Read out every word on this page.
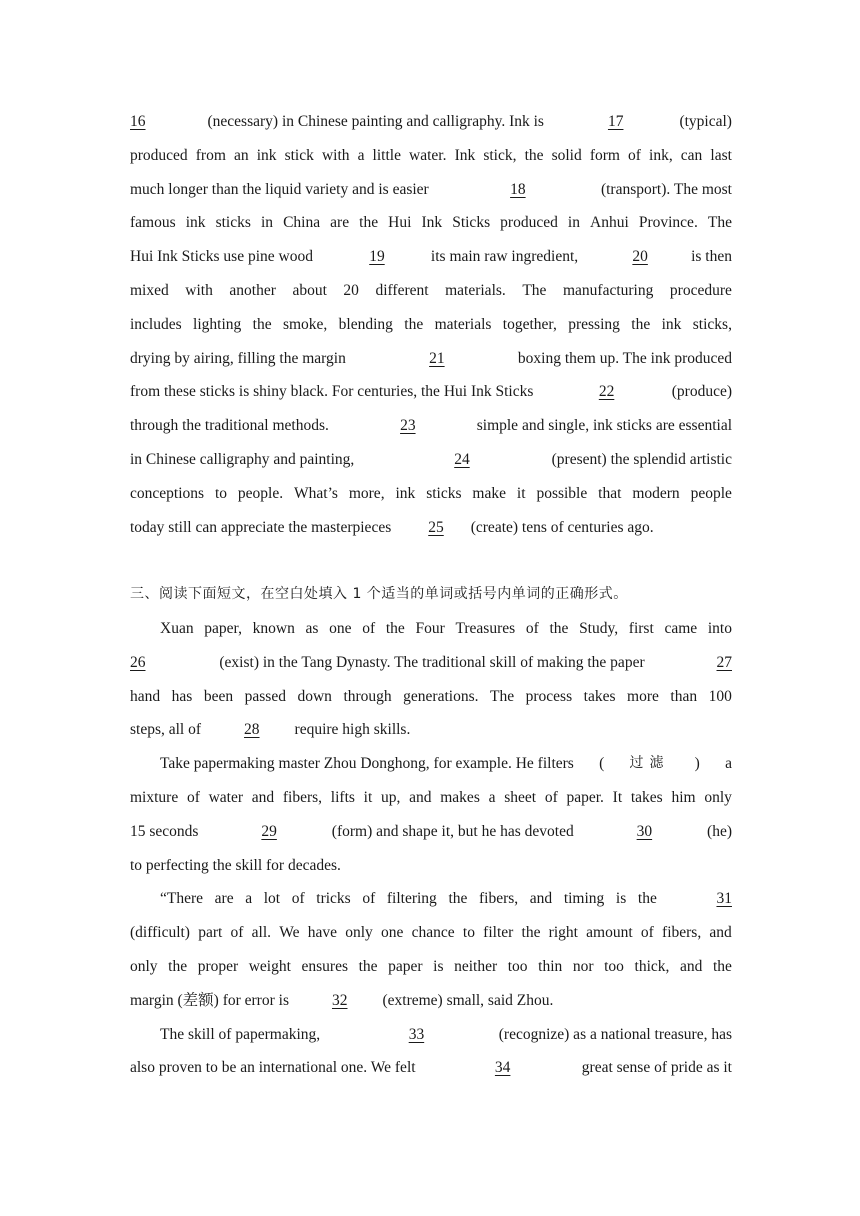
16	(necessary) in Chinese painting and calligraphy. Ink is	17	(typical)
produced from an ink stick with a little water. Ink stick, the solid form of ink, can last
much longer than the liquid variety and is easier	18	(transport). The most
famous ink sticks in China are the Hui Ink Sticks produced in Anhui Province. The
Hui Ink Sticks use pine wood	19	its main raw ingredient,	20	is then
mixed with another about 20 different materials. The manufacturing procedure
includes lighting the smoke, blending the materials together, pressing the ink sticks,
drying by airing, filling the margin	21	boxing them up. The ink produced
from these sticks is shiny black. For centuries, the Hui Ink Sticks	22	(produce)
through the traditional methods.	23	simple and single, ink sticks are essential
in Chinese calligraphy and painting,	24	(present) the splendid artistic
conceptions to people. What’s more, ink sticks make it possible that modern people
today still can appreciate the masterpieces	25	(create) tens of centuries ago.
三、阅读下面短文，在空白处填入 1 个适当的单词或括号内单词的正确形式。
Xuan paper, known as one of the Four Treasures of the Study, first came into
26	(exist) in the Tang Dynasty. The traditional skill of making the paper	27
hand has been passed down through generations. The process takes more than 100
steps, all of	28	require high skills.
Take papermaking master Zhou Donghong, for example. He filters ( 过滤 ) a
mixture of water and fibers, lifts it up, and makes a sheet of paper. It takes him only
15 seconds	29	(form) and shape it, but he has devoted	30	(he)
to perfecting the skill for decades.
“There are a lot of tricks of filtering the fibers, and timing is the	31
(difficult) part of all. We have only one chance to filter the right amount of fibers, and
only the proper weight ensures the paper is neither too thin nor too thick, and the
margin (差额) for error is	32	(extreme) small, said Zhou.
The skill of papermaking,	33	(recognize) as a national treasure, has
also proven to be an international one. We felt	34	great sense of pride as it
